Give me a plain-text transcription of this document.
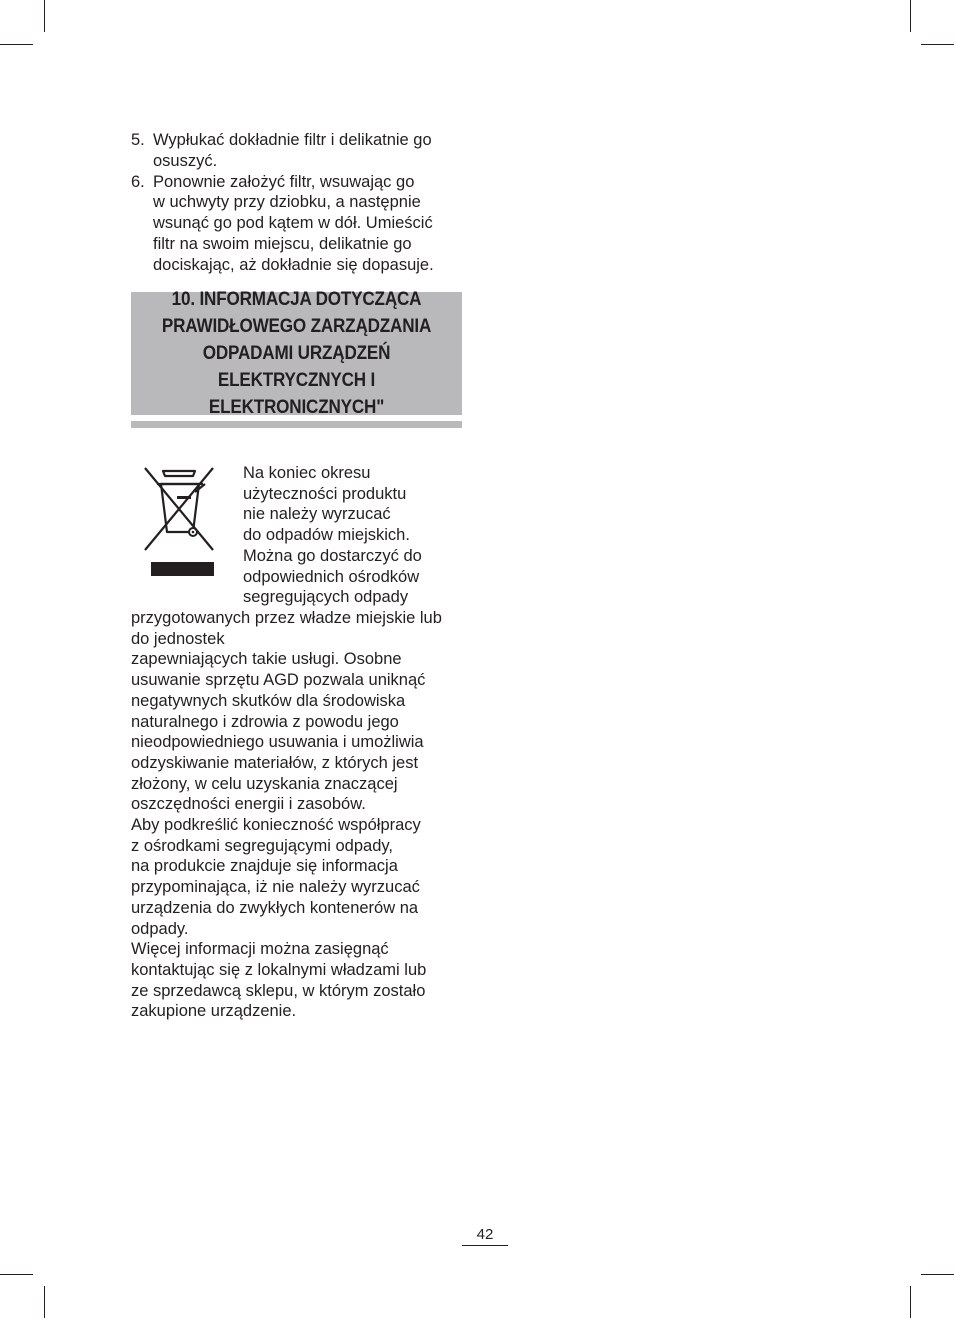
5. Wypłukać dokładnie filtr i delikatnie go
osuszyć.
6. Ponownie założyć filtr, wsuwając go
w uchwyty przy dziobku, a następnie
wsunąć go pod kątem w dół. Umieścić
filtr na swoim miejscu, delikatnie go
dociskając, aż dokładnie się dopasuje.
10. INFORMACJA DOTYCZĄCA
PRAWIDŁOWEGO ZARZĄDZANIA
ODPADAMI URZĄDZEŃ
ELEKTRYCZNYCH I ELEKTRONICZNYCH"
Na koniec okresu
użyteczności produktu
nie należy wyrzucać
do odpadów miejskich.
Można go dostarczyć do
odpowiednich ośrodków
segregujących odpady
przygotowanych przez władze miejskie lub
do jednostek
zapewniających takie usługi. Osobne
usuwanie sprzętu AGD pozwala uniknąć
negatywnych skutków dla środowiska
naturalnego i zdrowia z powodu jego
nieodpowiedniego usuwania i umożliwia
odzyskiwanie materiałów, z których jest
złożony, w celu uzyskania znaczącej
oszczędności energii i zasobów.
Aby podkreślić konieczność współpracy
z ośrodkami segregującymi odpady,
na produkcie znajduje się informacja
przypominająca, iż nie należy wyrzucać
urządzenia do zwykłych kontenerów na
odpady.
Więcej informacji można zasięgnąć
kontaktując się z lokalnymi władzami lub
ze sprzedawcą sklepu, w którym zostało
zakupione urządzenie.
42
